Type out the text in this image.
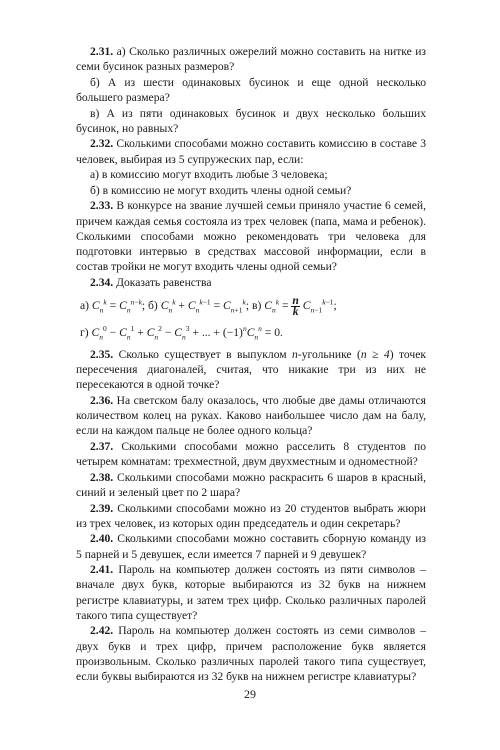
2.31. а) Сколько различных ожерелий можно составить на нитке из семи бусинок разных размеров?

б) А из шести одинаковых бусинок и еще одной несколько большего размера?

в) А из пяти одинаковых бусинок и двух несколько больших бусинок, но равных?

2.32. Сколькими способами можно составить комиссию в составе 3 человек, выбирая из 5 супружеских пар, если:

а) в комиссию могут входить любые 3 человека;

б) в комиссию не могут входить члены одной семьи?

2.33. В конкурсе на звание лучшей семьи приняло участие 6 семей, причем каждая семья состояла из трех человек (папа, мама и ребенок). Сколькими способами можно рекомендовать три человека для подготовки интервью в средствах массовой информации, если в состав тройки не могут входить члены одной семьи?

2.34. Доказать равенства

а) $C_n^k = C_n^{n-k}$; б) $C_n^k + C_n^{k-1} = C_{n+1}^k$; в) $C_n^k = \frac{n}{k} C_{n-1}^{k-1}$;
г) $C_n^0 - C_n^1 + C_n^2 - C_n^3$ + ... + $(-1)^nC_n^n = 0$.

2.35. Сколько существует в выпуклом n-угольнике (n ≥ 4) точек пересечения диагоналей, считая, что никакие три из них не пересекаются в одной точке?

2.36. На светском балу оказалось, что любые две дамы отличаются количеством колец на руках. Каково наибольшее число дам на балу, если на каждом пальце не более одного кольца?

2.37. Сколькими способами можно расселить 8 студентов по четырем комнатам: трехместной, двум двухместным и одноместной?

2.38. Сколькими способами можно раскрасить 6 шаров в красный, синий и зеленый цвет по 2 шара?

2.39. Сколькими способами можно из 20 студентов выбрать жюри из трех человек, из которых один председатель и один секретарь?

2.40. Сколькими способами можно составить сборную команду из 5 парней и 5 девушек, если имеется 7 парней и 9 девушек?

2.41. Пароль на компьютер должен состоять из пяти символов – вначале двух букв, которые выбираются из 32 букв на нижнем регистре клавиатуры, и затем трех цифр. Сколько различных паролей такого типа существует?

2.42. Пароль на компьютер должен состоять из семи символов – двух букв и трех цифр, причем расположение букв является произвольным. Сколько различных паролей такого типа существует, если буквы выбираются из 32 букв на нижнем регистре клавиатуры?

29
